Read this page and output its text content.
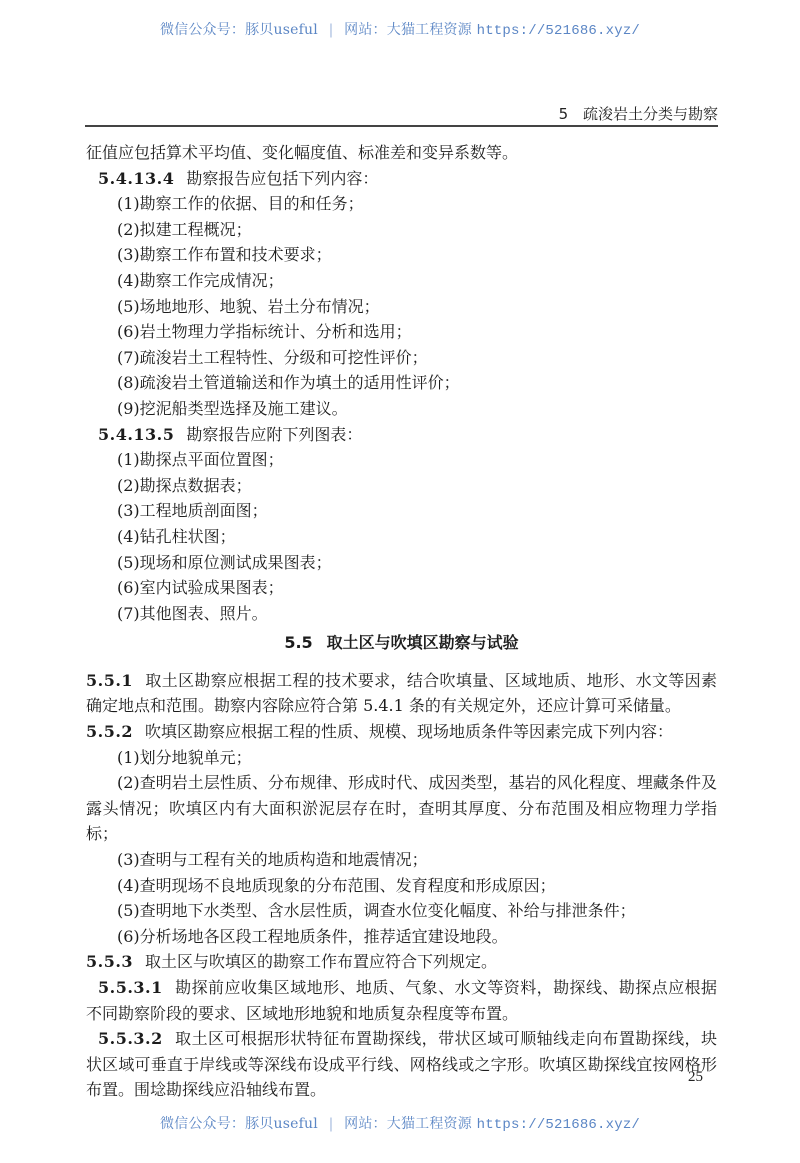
微信公众号：豚贝useful | 网站：大猫工程资源 https://521686.xyz/
5 疏浚岩土分类与勘察
征值应包括算术平均值、变化幅度值、标准差和变异系数等。
5.4.13.4 勘察报告应包括下列内容：
(1)勘察工作的依据、目的和任务；
(2)拟建工程概况；
(3)勘察工作布置和技术要求；
(4)勘察工作完成情况；
(5)场地地形、地貌、岩土分布情况；
(6)岩土物理力学指标统计、分析和选用；
(7)疏浚岩土工程特性、分级和可挖性评价；
(8)疏浚岩土管道输送和作为填土的适用性评价；
(9)挖泥船类型选择及施工建议。
5.4.13.5 勘察报告应附下列图表：
(1)勘探点平面位置图；
(2)勘探点数据表；
(3)工程地质剖面图；
(4)钻孔柱状图；
(5)现场和原位测试成果图表；
(6)室内试验成果图表；
(7)其他图表、照片。
5.5 取土区与吹填区勘察与试验
5.5.1 取土区勘察应根据工程的技术要求，结合吹填量、区域地质、地形、水文等因素确定地点和范围。勘察内容除应符合第 5.4.1 条的有关规定外，还应计算可采储量。
5.5.2 吹填区勘察应根据工程的性质、规模、现场地质条件等因素完成下列内容：
(1)划分地貌单元；
(2)查明岩土层性质、分布规律、形成时代、成因类型，基岩的风化程度、埋藏条件及露头情况；吹填区内有大面积淤泥层存在时，查明其厚度、分布范围及相应物理力学指标；
(3)查明与工程有关的地质构造和地震情况；
(4)查明现场不良地质现象的分布范围、发育程度和形成原因；
(5)查明地下水类型、含水层性质，调查水位变化幅度、补给与排泄条件；
(6)分析场地各区段工程地质条件，推荐适宜建设地段。
5.5.3 取土区与吹填区的勘察工作布置应符合下列规定。
5.5.3.1 勘探前应收集区域地形、地质、气象、水文等资料，勘探线、勘探点应根据不同勘察阶段的要求、区域地形地貌和地质复杂程度等布置。
5.5.3.2 取土区可根据形状特征布置勘探线，带状区域可顺轴线走向布置勘探线，块状区域可垂直于岸线或等深线布设成平行线、网格线或之字形。吹填区勘探线宜按网格形布置。围埝勘探线应沿轴线布置。
25
微信公众号：豚贝useful | 网站：大猫工程资源 https://521686.xyz/
